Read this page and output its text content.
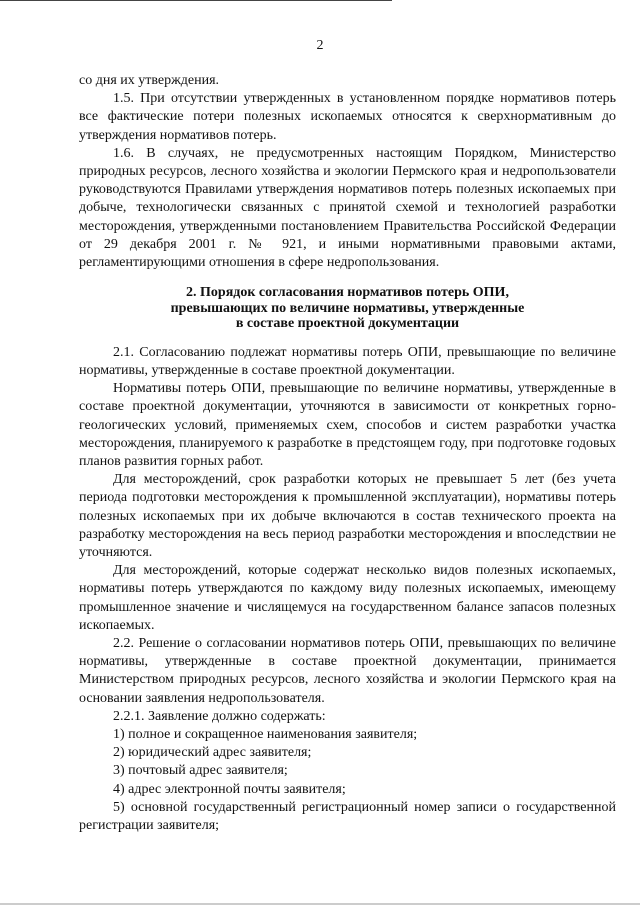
2

со дня их утверждения.

1.5. При отсутствии утвержденных в установленном порядке нормативов потерь все фактические потери полезных ископаемых относятся к сверхнормативным до утверждения нормативов потерь.

1.6. В случаях, не предусмотренных настоящим Порядком, Министерство природных ресурсов, лесного хозяйства и экологии Пермского края и недропользователи руководствуются Правилами утверждения нормативов потерь полезных ископаемых при добыче, технологически связанных с принятой схемой и технологией разработки месторождения, утвержденными постановлением Правительства Российской Федерации от 29 декабря 2001 г. № 921, и иными нормативными правовыми актами, регламентирующими отношения в сфере недропользования.

2. Порядок согласования нормативов потерь ОПИ,
превышающих по величине нормативы, утвержденные
в составе проектной документации

2.1. Согласованию подлежат нормативы потерь ОПИ, превышающие по величине нормативы, утвержденные в составе проектной документации.

Нормативы потерь ОПИ, превышающие по величине нормативы, утвержденные в составе проектной документации, уточняются в зависимости от конкретных горно-геологических условий, применяемых схем, способов и систем разработки участка месторождения, планируемого к разработке в предстоящем году, при подготовке годовых планов развития горных работ.

Для месторождений, срок разработки которых не превышает 5 лет (без учета периода подготовки месторождения к промышленной эксплуатации), нормативы потерь полезных ископаемых при их добыче включаются в состав технического проекта на разработку месторождения на весь период разработки месторождения и впоследствии не уточняются.

Для месторождений, которые содержат несколько видов полезных ископаемых, нормативы потерь утверждаются по каждому виду полезных ископаемых, имеющему промышленное значение и числящемуся на государственном балансе запасов полезных ископаемых.

2.2. Решение о согласовании нормативов потерь ОПИ, превышающих по величине нормативы, утвержденные в составе проектной документации, принимается Министерством природных ресурсов, лесного хозяйства и экологии Пермского края на основании заявления недропользователя.

2.2.1. Заявление должно содержать:

1) полное и сокращенное наименования заявителя;

2) юридический адрес заявителя;

3) почтовый адрес заявителя;

4) адрес электронной почты заявителя;

5) основной государственный регистрационный номер записи о государственной регистрации заявителя;
